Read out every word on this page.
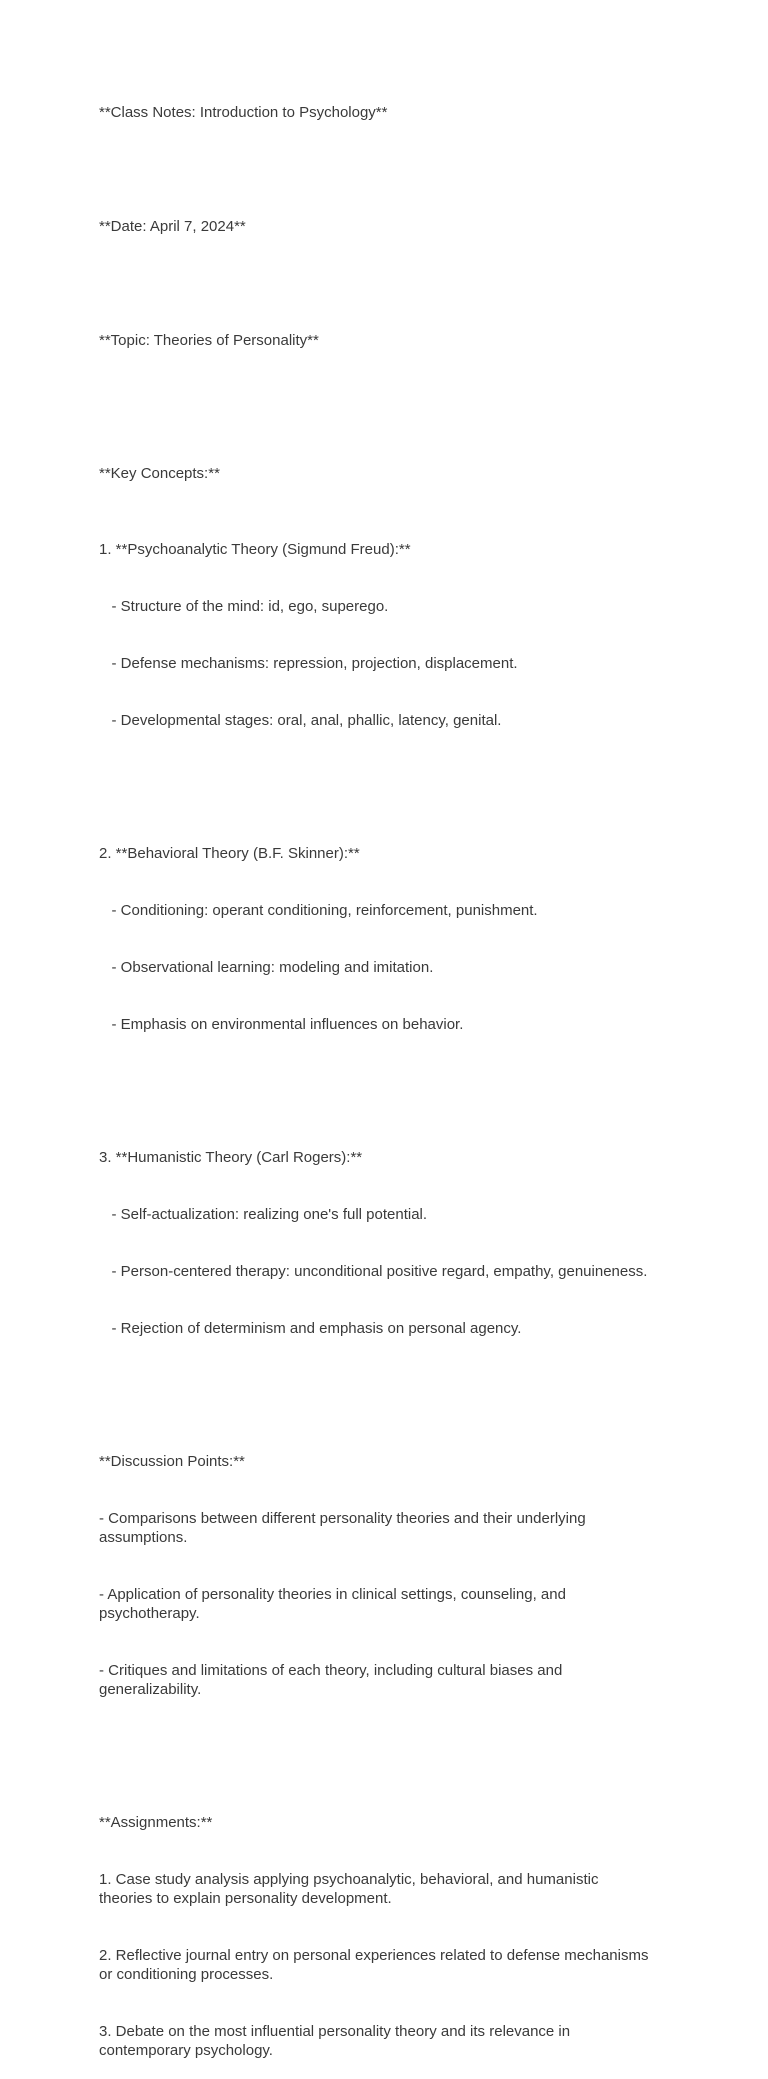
**Class Notes: Introduction to Psychology**

**Date: April 7, 2024**

**Topic: Theories of Personality**

**Key Concepts:**

1. **Psychoanalytic Theory (Sigmund Freud):**

- Structure of the mind: id, ego, superego.

- Defense mechanisms: repression, projection, displacement.

- Developmental stages: oral, anal, phallic, latency, genital.

2. **Behavioral Theory (B.F. Skinner):**

- Conditioning: operant conditioning, reinforcement, punishment.

- Observational learning: modeling and imitation.

- Emphasis on environmental influences on behavior.

3. **Humanistic Theory (Carl Rogers):**

- Self-actualization: realizing one's full potential.

- Person-centered therapy: unconditional positive regard, empathy, genuineness.

- Rejection of determinism and emphasis on personal agency.

**Discussion Points:**

- Comparisons between different personality theories and their underlying assumptions.

- Application of personality theories in clinical settings, counseling, and psychotherapy.

- Critiques and limitations of each theory, including cultural biases and generalizability.

**Assignments:**

1. Case study analysis applying psychoanalytic, behavioral, and humanistic theories to explain personality development.

2. Reflective journal entry on personal experiences related to defense mechanisms or conditioning processes.

3. Debate on the most influential personality theory and its relevance in contemporary psychology.
